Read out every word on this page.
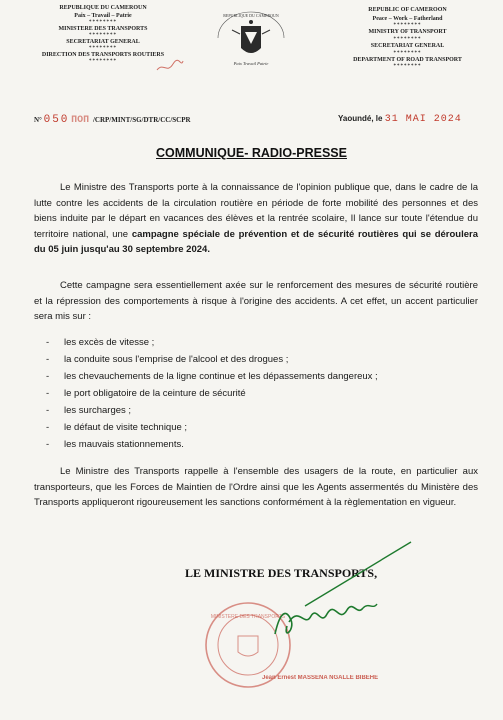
REPUBLIQUE DU CAMEROUN
Paix – Travail – Patrie
********
MINISTERE DES TRANSPORTS
********
SECRETARIAT GENERAL
********
DIRECTION DES TRANSPORTS ROUTIERS
********
REPUBLIQUE DU CAMEROUN
Paix Travail Patrie
REPUBLIC OF CAMEROON
Peace – Work – Fatherland
********
MINISTRY OF TRANSPORT
********
SECRETARIAT GENERAL
********
DEPARTMENT OF ROAD TRANSPORT
********
N° 050 ПОП /CRP/MINT/SG/DTR/CC/SCPR	Yaoundé, le 31 MAI 2024
COMMUNIQUE- RADIO-PRESSE

Le Ministre des Transports porte à la connaissance de l'opinion publique que, dans le cadre de la lutte contre les accidents de la circulation routière en période de forte mobilité des personnes et des biens induite par le départ en vacances des élèves et la rentrée scolaire, Il lance sur toute l'étendue du territoire national, une campagne spéciale de prévention et de sécurité routières qui se déroulera du 05 juin jusqu'au 30 septembre 2024.

Cette campagne sera essentiellement axée sur le renforcement des mesures de sécurité routière et la répression des comportements à risque à l'origine des accidents. A cet effet, un accent particulier sera mis sur :

- les excès de vitesse ;
- la conduite sous l'emprise de l'alcool et des drogues ;
- les chevauchements de la ligne continue et les dépassements dangereux ;
- le port obligatoire de la ceinture de sécurité
- les surcharges ;
- le défaut de visite technique ;
- les mauvais stationnements.

Le Ministre des Transports rappelle à l'ensemble des usagers de la route, en particulier aux transporteurs, que les Forces de Maintien de l'Ordre ainsi que les Agents assermentés du Ministère des Transports appliqueront rigoureusement les sanctions conformément à la règlementation en vigueur.

LE MINISTRE DES TRANSPORTS,
MINISTERE DES TRANSPORTS
Jean Ernest MASSENA NGALLE BIBEHE
